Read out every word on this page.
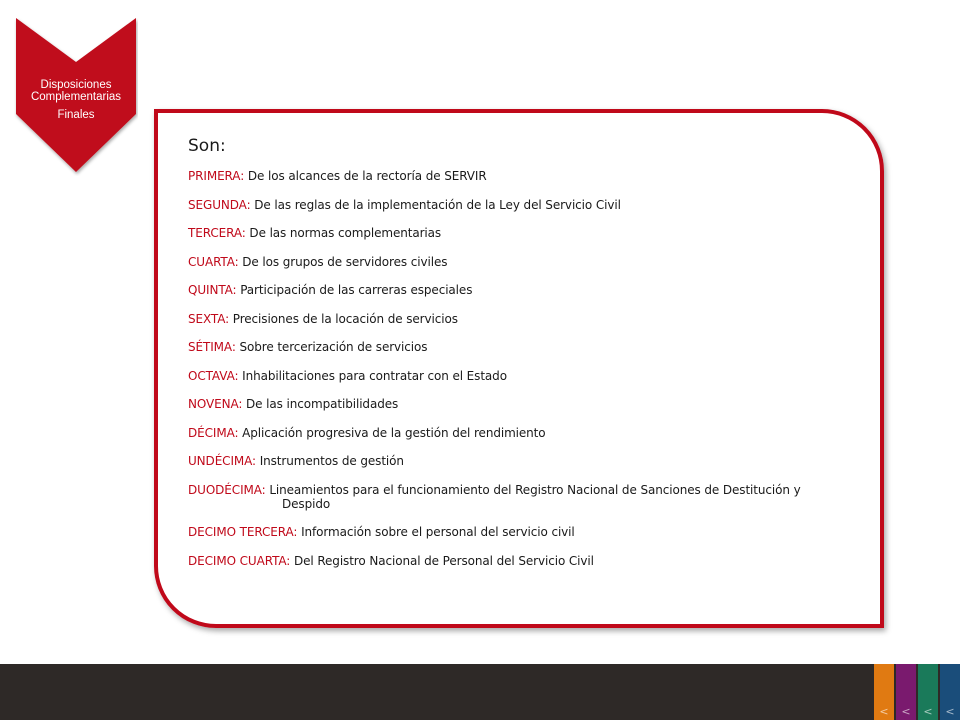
Disposiciones
Complementarias
Finales

Son:

PRIMERA: De los alcances de la rectoría de SERVIR
SEGUNDA: De las reglas de la implementación de la Ley del Servicio Civil
TERCERA: De las normas complementarias
CUARTA: De los grupos de servidores civiles
QUINTA: Participación de las carreras especiales
SEXTA: Precisiones de la locación de servicios
SÉTIMA: Sobre tercerización de servicios
OCTAVA: Inhabilitaciones para contratar con el Estado
NOVENA: De las incompatibilidades
DÉCIMA: Aplicación progresiva de la gestión del rendimiento
UNDÉCIMA: Instrumentos de gestión
DUODÉCIMA: Lineamientos para el funcionamiento del Registro Nacional de Sanciones de Destitución y
Despido
DECIMO TERCERA: Información sobre el personal del servicio civil
DECIMO CUARTA: Del Registro Nacional de Personal del Servicio Civil
<	<	<	<
